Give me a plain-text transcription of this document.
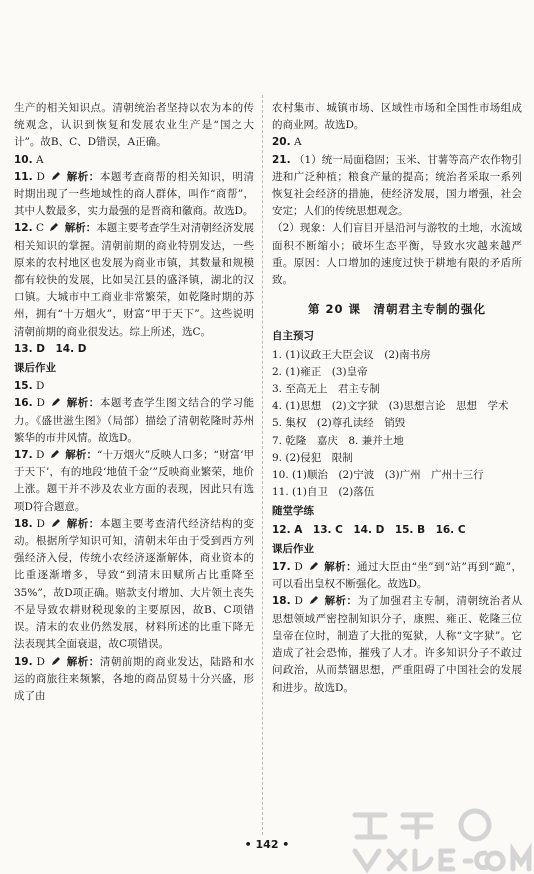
生产的相关知识点。清朝统治者坚持以农为本的传统观念，认识到恢复和发展农业生产是“国之大计”。故B、C、D错误，A正确。

10. A

11. D 解析：本题考查商帮的相关知识，明清时期出现了一些地域性的商人群体，叫作“商帮”，其中人数最多，实力最强的是晋商和徽商。故选D。

12. C 解析：本题主要考查学生对清朝经济发展相关知识的掌握。清朝前期的商业特别发达，一些原来的农村地区也发展为商业市镇，其数量和规模都有较快的发展，比如吴江县的盛泽镇，湖北的汉口镇。大城市中工商业非常繁荣，如乾隆时期的苏州，拥有“十万烟火”，财富“甲于天下”。这些说明清朝前期的商业很发达。综上所述，选C。

13. D　14. D
课后作业
15. D

16. D 解析：本题考查学生图文结合的学习能力。《盛世滋生图》（局部）描绘了清朝乾隆时苏州繁华的市井风情。故选D。

17. D 解析：“十万烟火”反映人口多；“财富‘甲于天下’，有的地段‘地值千金’”反映商业繁荣，地价上涨。题干并不涉及农业方面的表现，因此只有选项D符合题意。

18. D 解析：本题主要考查清代经济结构的变动。根据所学知识可知，清朝末年由于受到西方列强经济入侵，传统小农经济逐渐解体，商业资本的比重逐渐增多，导致“到清末田赋所占比重降至35%”，故D项正确。赔款支付增加、大片领土丧失不是导致农耕财税现象的主要原因，故B、C项错误。清末的农业仍然发展，材料所述的比重下降无法表现其全面衰退，故C项错误。

19. D 解析：清朝前期的商业发达，陆路和水运的商旅往来频繁，各地的商品贸易十分兴盛，形成了由

农村集市、城镇市场、区域性市场和全国性市场组成的商业网。故选D。

20. A

21. （1）统一局面稳固；玉米、甘薯等高产农作物引进和广泛种植；粮食产量的提高；统治者采取一系列恢复社会经济的措施，使经济发展，国力增强，社会安定；人们的传统思想观念。

（2）现象：人们盲目开垦沿河与游牧的土地，水流域面积不断缩小；破坏生态平衡，导致水灾越来越严重。原因：人口增加的速度过快于耕地有限的矛盾所致。

第 20 课　清朝君主专制的强化
自主预习
1. (1)议政王大臣会议　(2)南书房
2. (1)雍正　(3)皇帝
3. 至高无上　君主专制
4. (1)思想　(2)文字狱　(3)思想言论　思想　学术
5. 集权　(2)尊孔读经　销毁
7. 乾隆　嘉庆　8. 兼并土地
9. (2)侵犯　限制
10. (1)顺治　(2)宁波　(3)广州　广州十三行
11. (1)自卫　(2)落伍
随堂学练
12. A　13. C　14. D　15. B　16. C
课后作业

17. D 解析：通过大臣由“坐”到“站”再到“跪”，可以看出皇权不断强化。故选D。

18. D 解析：为了加强君主专制，清朝统治者从思想领域严密控制知识分子，康熙、雍正、乾隆三位皇帝在位时，制造了大批的冤狱，人称“文字狱”。它造成了社会恐怖，摧残了人才。许多知识分子不敢过问政治，从而禁锢思想，严重阻碍了中国社会的发展和进步。故选D。

• 142 •
